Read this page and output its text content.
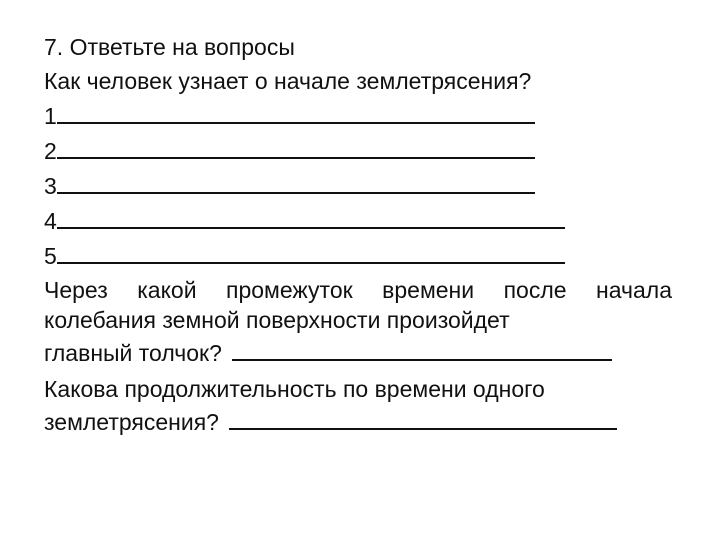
7. Ответьте на вопросы
Как человек узнает о начале землетрясения?
1
2
3
4
5
Через какой промежуток времени после начала колебания земной поверхности произойдет
главный толчок?
Какова продолжительность по времени одного
землетрясения?
